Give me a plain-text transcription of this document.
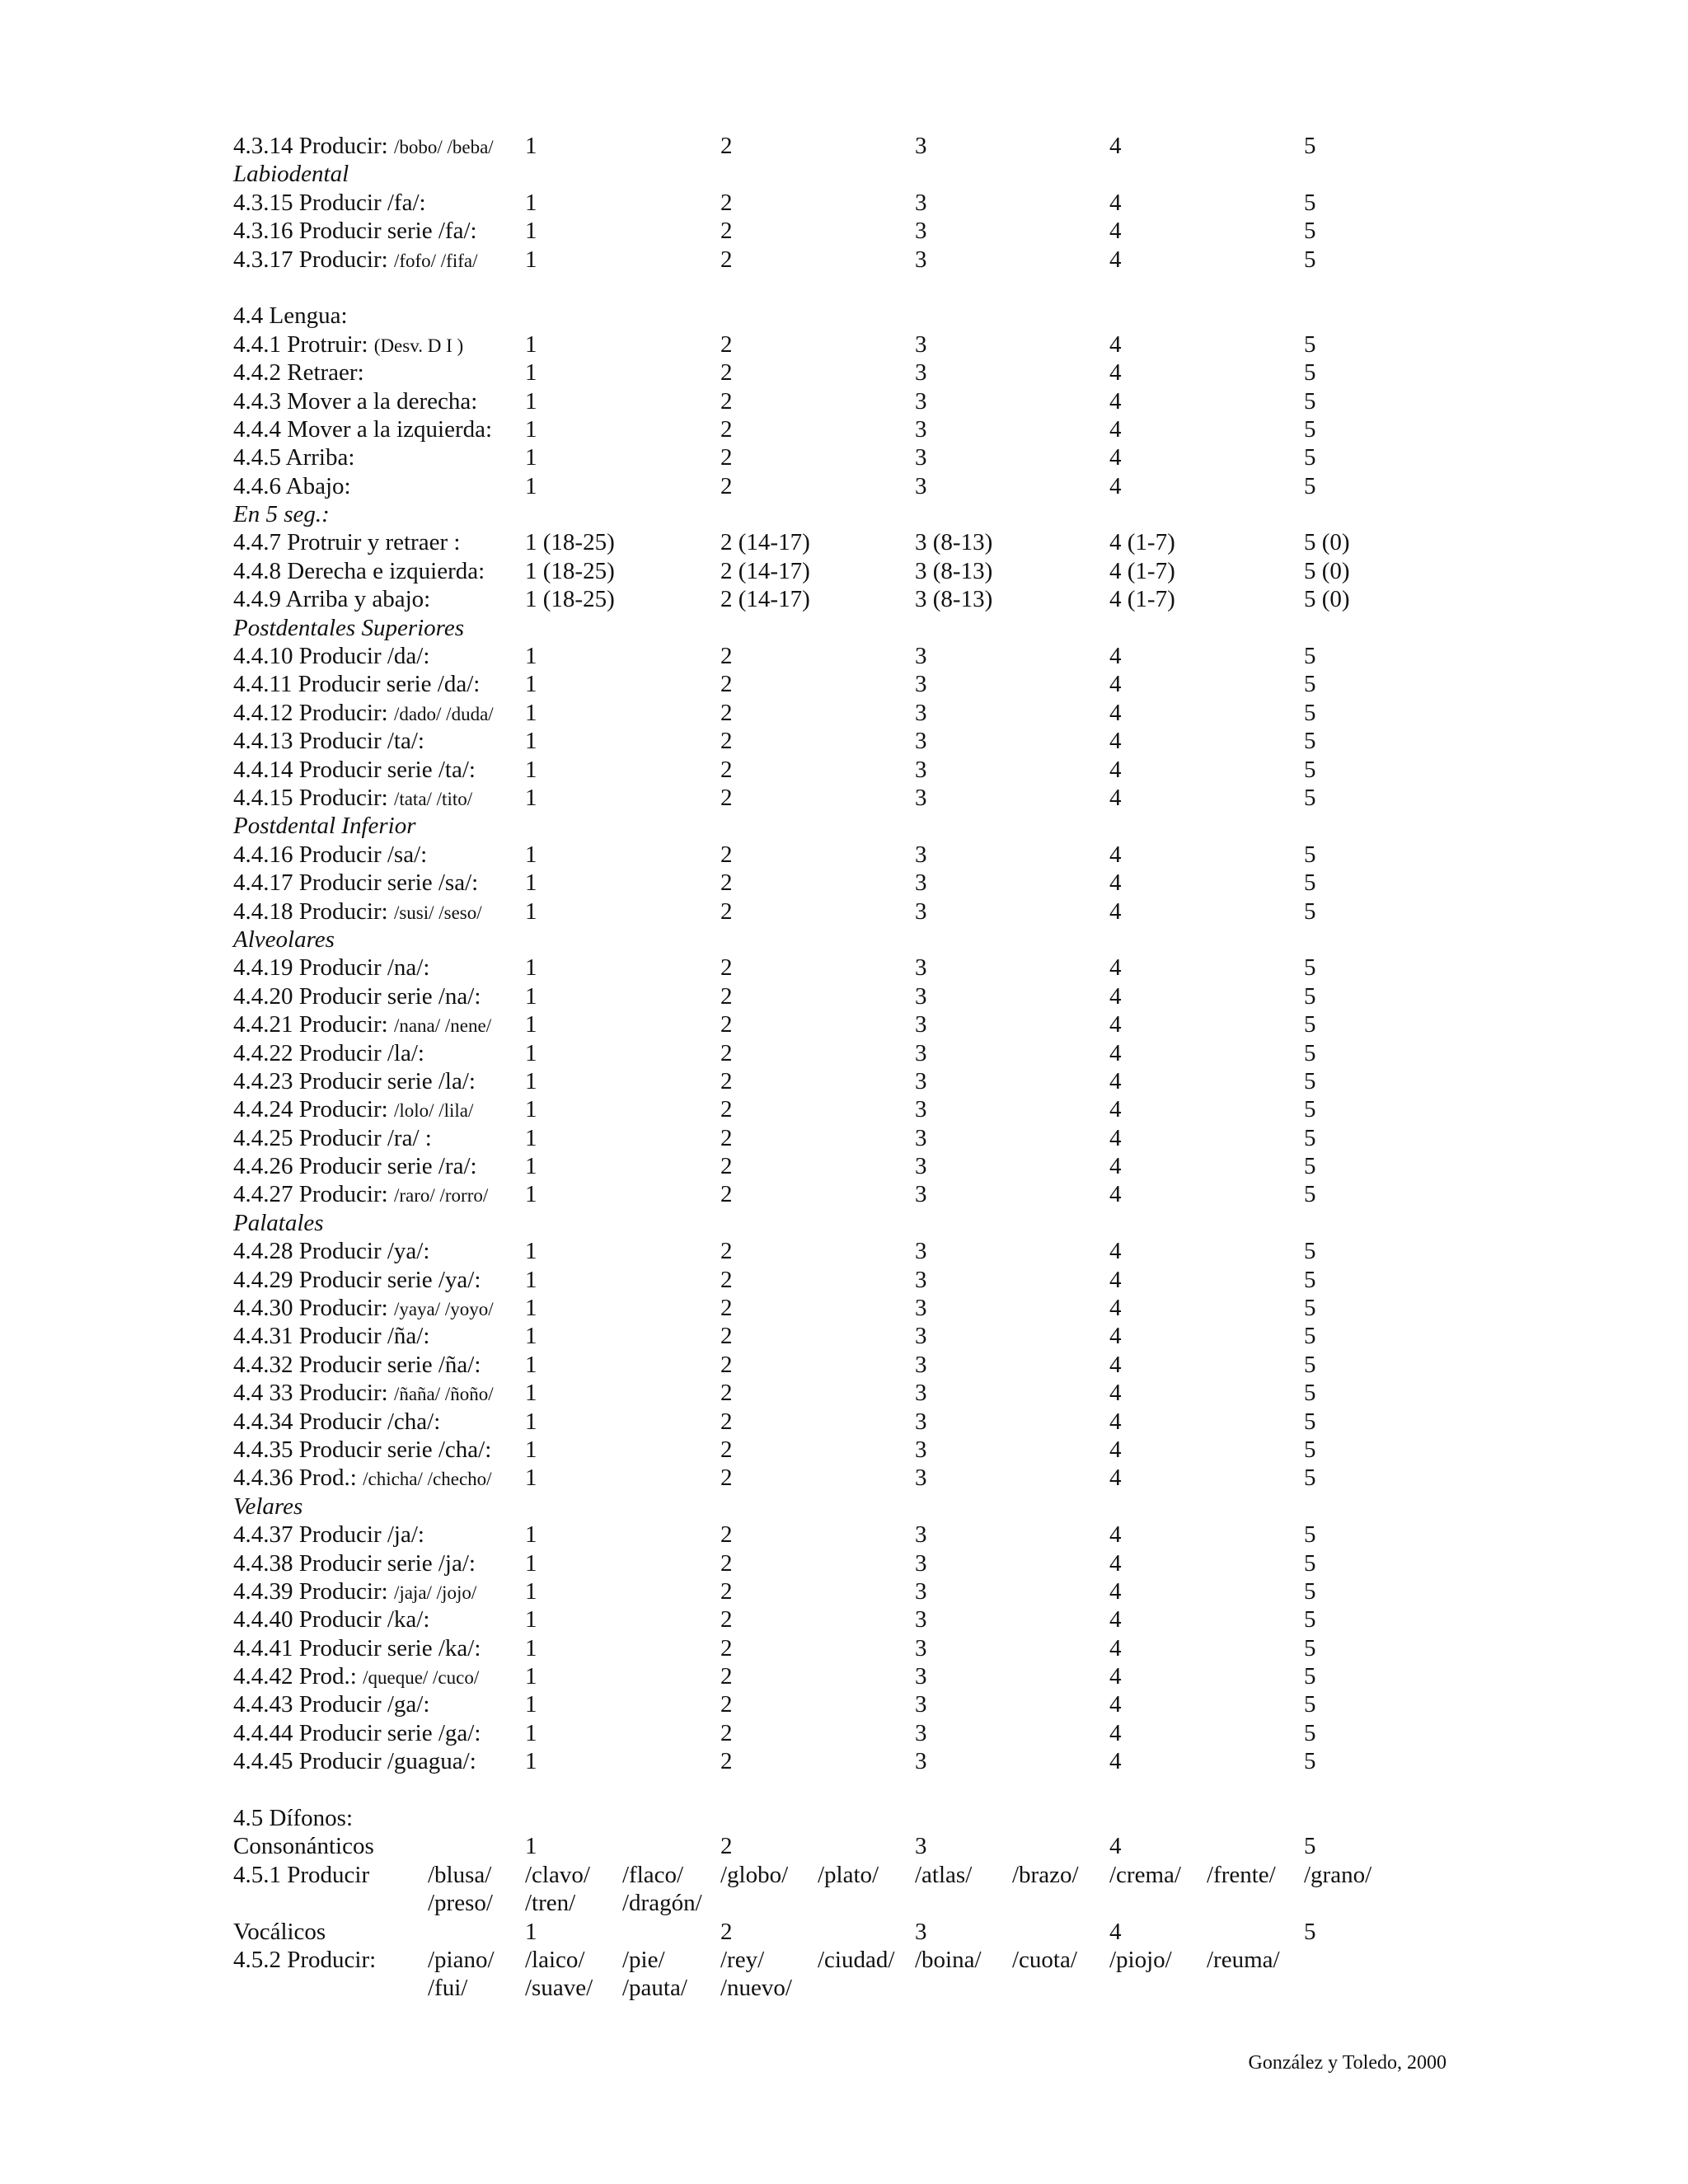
4.3.14 Producir: /bobo/ /beba/ 1	2	3	4	5
Labiodental
4.3.15 Producir /fa/:	1	2	3	4	5
4.3.16 Producir serie /fa/: 1	2	3	4	5
4.3.17 Producir: /fofo/ /fifa/ 1	2	3	4	5
4.4 Lengua:
4.4.1 Protruir: (Desv. D I )	1	2	3	4	5
4.4.2 Retraer:	1	2	3	4	5
4.4.3 Mover a la derecha: 1	2	3	4	5
4.4.4 Mover a la izquierda: 1	2	3	4	5
4.4.5 Arriba:	1	2	3	4	5
4.4.6 Abajo:	1	2	3	4	5
En 5 seg.:
4.4.7 Protruir y retraer :	1 (18-25)	2 (14-17)	3 (8-13)	4 (1-7)	5 (0)
4.4.8 Derecha e izquierda: 1 (18-25)	2 (14-17)	3 (8-13)	4 (1-7)	5 (0)
4.4.9 Arriba y abajo:	1 (18-25)	2 (14-17)	3 (8-13)	4 (1-7)	5 (0)
Postdentales Superiores
4.4.10 Producir /da/:	1	2	3	4	5
4.4.11 Producir serie /da/: 1	2	3	4	5
4.4.12 Producir: /dado/ /duda/ 1	2	3	4	5
4.4.13 Producir /ta/:	1	2	3	4	5
4.4.14 Producir serie /ta/: 1	2	3	4	5
4.4.15 Producir: /tata/ /tito/ 1	2	3	4	5
Postdental Inferior
4.4.16 Producir /sa/:	1	2	3	4	5
4.4.17 Producir serie /sa/: 1	2	3	4	5
4.4.18 Producir: /susi/ /seso/ 1	2	3	4	5
Alveolares
4.4.19 Producir /na/:	1	2	3	4	5
4.4.20 Producir serie /na/: 1	2	3	4	5
4.4.21 Producir: /nana/ /nene/ 1	2	3	4	5
4.4.22 Producir /la/:	1	2	3	4	5
4.4.23 Producir serie /la/: 1	2	3	4	5
4.4.24 Producir: /lolo/ /lila/ 1	2	3	4	5
4.4.25 Producir /ra/ :	1	2	3	4	5
4.4.26 Producir serie /ra/: 1	2	3	4	5
4.4.27 Producir: /raro/ /rorro/ 1	2	3	4	5
Palatales
4.4.28 Producir /ya/:	1	2	3	4	5
4.4.29 Producir serie /ya/: 1	2	3	4	5
4.4.30 Producir: /yaya/ /yoyo/ 1	2	3	4	5
4.4.31 Producir /ña/:	1	2	3	4	5
4.4.32 Producir serie /ña/: 1	2	3	4	5
4.4 33 Producir: /ñaña/ /ñoño/ 1	2	3	4	5
4.4.34 Producir /cha/:	1	2	3	4	5
4.4.35 Producir serie /cha/: 1	2	3	4	5
4.4.36 Prod.: /chicha/ /checho/ 1	2	3	4	5
Velares
4.4.37 Producir /ja/:	1	2	3	4	5
4.4.38 Producir serie /ja/: 1	2	3	4	5
4.4.39 Producir: /jaja/ /jojo/ 1	2	3	4	5
4.4.40 Producir /ka/:	1	2	3	4	5
4.4.41 Producir serie /ka/: 1	2	3	4	5
4.4.42 Prod.: /queque/ /cuco/ 1	2	3	4	5
4.4.43 Producir /ga/:	1	2	3	4	5
4.4.44 Producir serie /ga/: 1	2	3	4	5
4.4.45 Producir /guagua/: 1	2	3	4	5
4.5 Dífonos:
Consonánticos	1	2	3	4	5
4.5.1 Producir /blusa/ /clavo/ /flaco/ /globo/ /plato/ /atlas/ /brazo/ /crema/ /frente/ /grano/
/preso/ /tren/ /dragón/
Vocálicos	1	2	3	4	5
4.5.2 Producir: /piano/ /laico/ /pie/ /rey/ /ciudad/ /boina/ /cuota/ /piojo/ /reuma/
/fui/ /suave/ /pauta/ /nuevo/
González y Toledo, 2000
